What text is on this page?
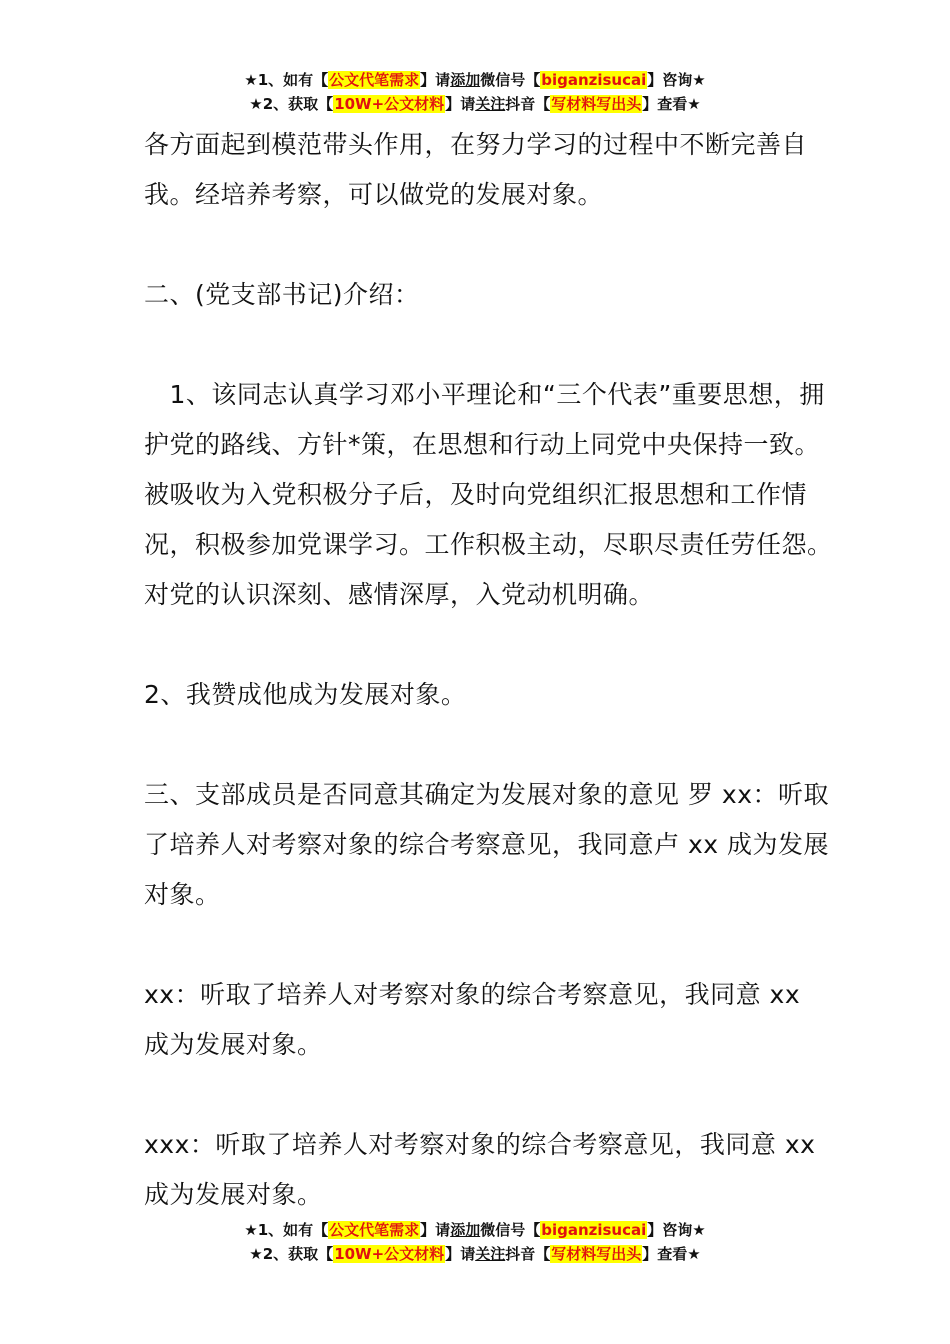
★1、如有【公文代笔需求】请添加微信号【biganzisucai】咨询★
★2、获取【10W+公文材料】请关注抖音【写材料写出头】查看★

各方面起到模范带头作用，在努力学习的过程中不断完善自我。经培养考察，可以做党的发展对象。

二、(党支部书记)介绍：

　1、该同志认真学习邓小平理论和“三个代表”重要思想，拥护党的路线、方针*策，在思想和行动上同党中央保持一致。被吸收为入党积极分子后，及时向党组织汇报思想和工作情况，积极参加党课学习。工作积极主动，尽职尽责任劳任怨。对党的认识深刻、感情深厚，入党动机明确。

2、我赞成他成为发展对象。

三、支部成员是否同意其确定为发展对象的意见 罗 xx：听取了培养人对考察对象的综合考察意见，我同意卢 xx 成为发展对象。

xx：听取了培养人对考察对象的综合考察意见，我同意 xx 成为发展对象。

xxx：听取了培养人对考察对象的综合考察意见，我同意 xx 成为发展对象。

★1、如有【公文代笔需求】请添加微信号【biganzisucai】咨询★
★2、获取【10W+公文材料】请关注抖音【写材料写出头】查看★
